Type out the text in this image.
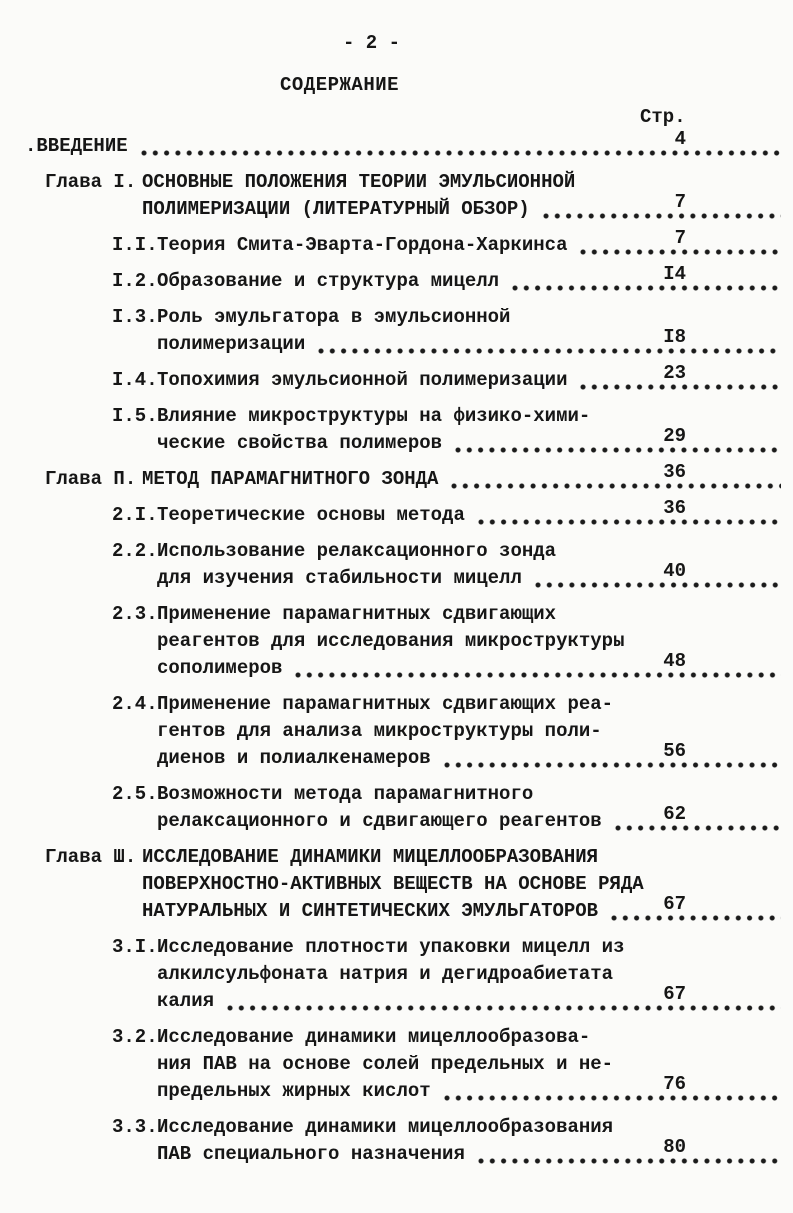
- 2 -
СОДЕРЖАНИЕ
Стр.
.ВВЕДЕНИЕ	4
Глава I. ОСНОВНЫЕ ПОЛОЖЕНИЯ ТЕОРИИ ЭМУЛЬСИОННОЙ
ПОЛИМЕРИЗАЦИИ (ЛИТЕРАТУРНЫЙ ОБЗОР)	7
I.I. Теория Смита-Эварта-Гордона-Харкинса	7
I.2. Образование и структура мицелл	I4
I.3. Роль эмульгатора в эмульсионной
полимеризации	I8
I.4. Топохимия эмульсионной полимеризации	23
I.5. Влияние микроструктуры на физико-хими-
ческие свойства полимеров	29
Глава П. МЕТОД ПАРАМАГНИТНОГО ЗОНДА	36
2.I. Теоретические основы метода	36
2.2. Использование релаксационного зонда
для изучения стабильности мицелл	40
2.3. Применение парамагнитных сдвигающих
реагентов для исследования микроструктуры
сополимеров	48
2.4. Применение парамагнитных сдвигающих реа-
гентов для анализа микроструктуры поли-
диенов и полиалкенамеров	56
2.5. Возможности метода парамагнитного
релаксационного и сдвигающего реагентов	62
Глава Ш. ИССЛЕДОВАНИЕ ДИНАМИКИ МИЦЕЛЛООБРАЗОВАНИЯ
ПОВЕРХНОСТНО-АКТИВНЫХ ВЕЩЕСТВ НА ОСНОВЕ РЯДА
НАТУРАЛЬНЫХ И СИНТЕТИЧЕСКИХ ЭМУЛЬГАТОРОВ	67
3.I. Исследование плотности упаковки мицелл из
алкилсульфоната натрия и дегидроабиетата
калия	67
3.2. Исследование динамики мицеллообразова-
ния ПАВ на основе солей предельных и не-
предельных жирных кислот	76
3.3. Исследование динамики мицеллообразования
ПАВ специального назначения	80
